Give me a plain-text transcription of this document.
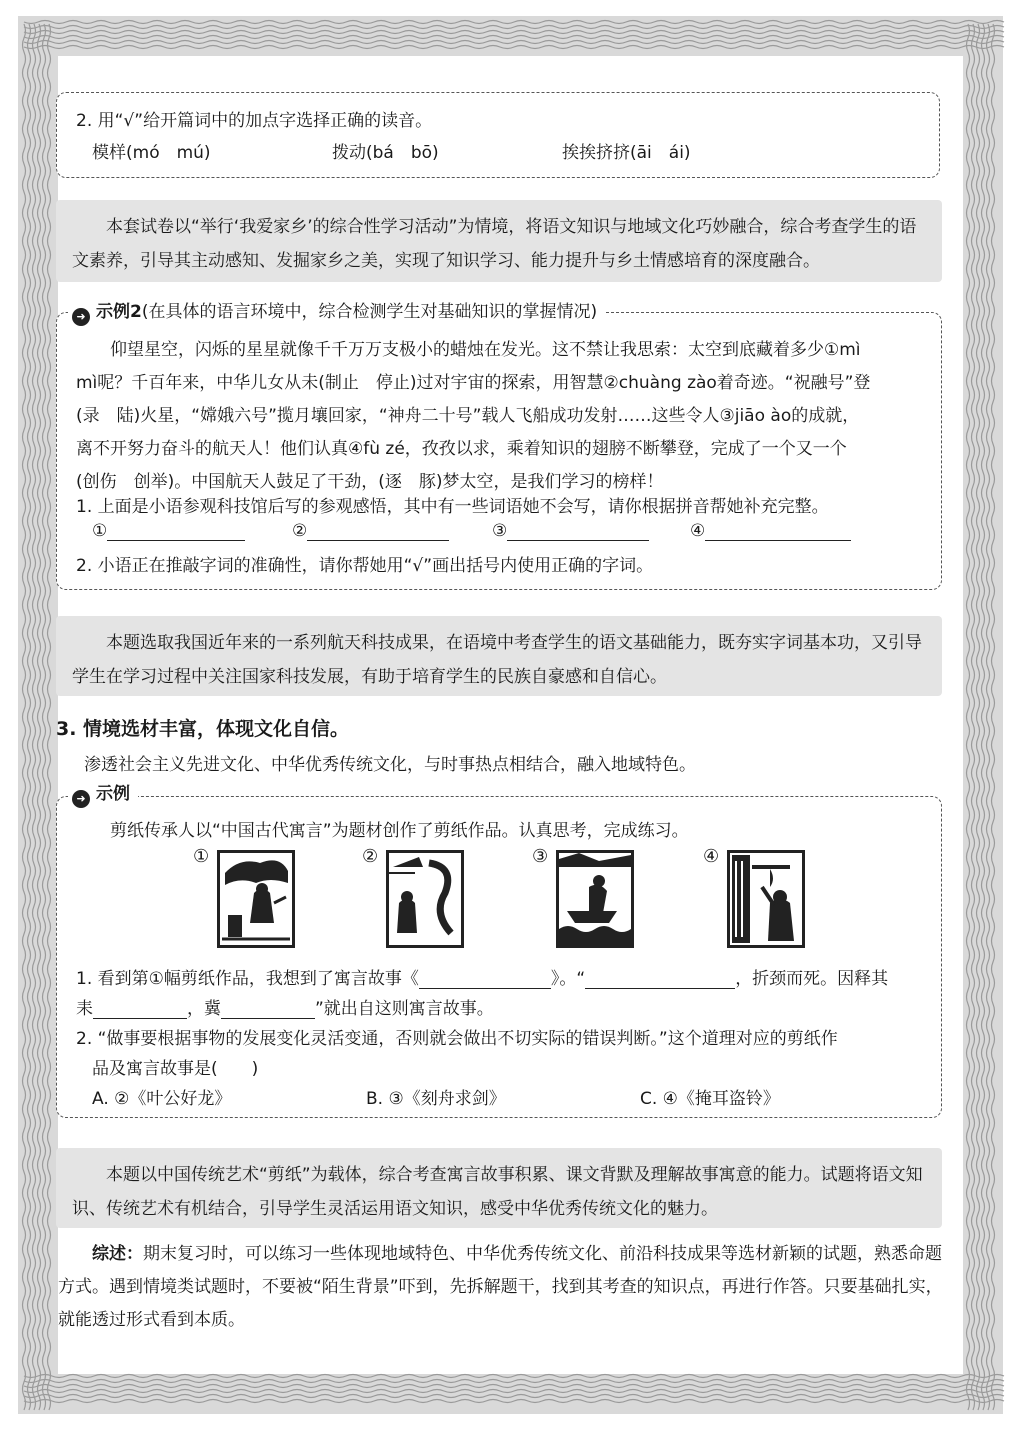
2. 用“√”给开篇词中的加点字选择正确的读音。
模样(mó　mú)	拨动(bá　bō)	挨挨挤挤(āi　ái)
本套试卷以“举行‘我爱家乡’的综合性学习活动”为情境，将语文知识与地域文化巧妙融合，综合考查学生的语文素养，引导其主动感知、发掘家乡之美，实现了知识学习、能力提升与乡土情感培育的深度融合。
➜ 示例2(在具体的语言环境中，综合检测学生对基础知识的掌握情况)
仰望星空，闪烁的星星就像千千万万支极小的蜡烛在发光。这不禁让我思索：太空到底藏着多少①mì
mì呢？千百年来，中华儿女从未(制止　停止)过对宇宙的探索，用智慧②chuàng zào着奇迹。“祝融号”登
(录　陆)火星，“嫦娥六号”揽月壤回家，“神舟二十号”载人飞船成功发射……这些令人③jiāo ào的成就，
离不开努力奋斗的航天人！他们认真④fù zé，孜孜以求，乘着知识的翅膀不断攀登，完成了一个又一个
(创伤　创举)。中国航天人鼓足了干劲，(逐　豚)梦太空，是我们学习的榜样！
1. 上面是小语参观科技馆后写的参观感悟，其中有一些词语她不会写，请你根据拼音帮她补充完整。
①	②	③	④
2. 小语正在推敲字词的准确性，请你帮她用“√”画出括号内使用正确的字词。
本题选取我国近年来的一系列航天科技成果，在语境中考查学生的语文基础能力，既夯实字词基本功，又引导学生在学习过程中关注国家科技发展，有助于培育学生的民族自豪感和自信心。
3. 情境选材丰富，体现文化自信。
渗透社会主义先进文化、中华优秀传统文化，与时事热点相结合，融入地域特色。
➜ 示例
剪纸传承人以“中国古代寓言”为题材创作了剪纸作品。认真思考，完成练习。
①	②	③	④
1. 看到第①幅剪纸作品，我想到了寓言故事《	》。“	，折颈而死。因释其
耒	，冀	”就出自这则寓言故事。
2. “做事要根据事物的发展变化灵活变通，否则就会做出不切实际的错误判断。”这个道理对应的剪纸作
品及寓言故事是(　　)
A. ②《叶公好龙》	B. ③《刻舟求剑》	C. ④《掩耳盗铃》
本题以中国传统艺术“剪纸”为载体，综合考查寓言故事积累、课文背默及理解故事寓意的能力。试题将语文知识、传统艺术有机结合，引导学生灵活运用语文知识，感受中华优秀传统文化的魅力。
综述：期末复习时，可以练习一些体现地域特色、中华优秀传统文化、前沿科技成果等选材新颖的试题，熟悉命题方式。遇到情境类试题时，不要被“陌生背景”吓到，先拆解题干，找到其考查的知识点，再进行作答。只要基础扎实，就能透过形式看到本质。
